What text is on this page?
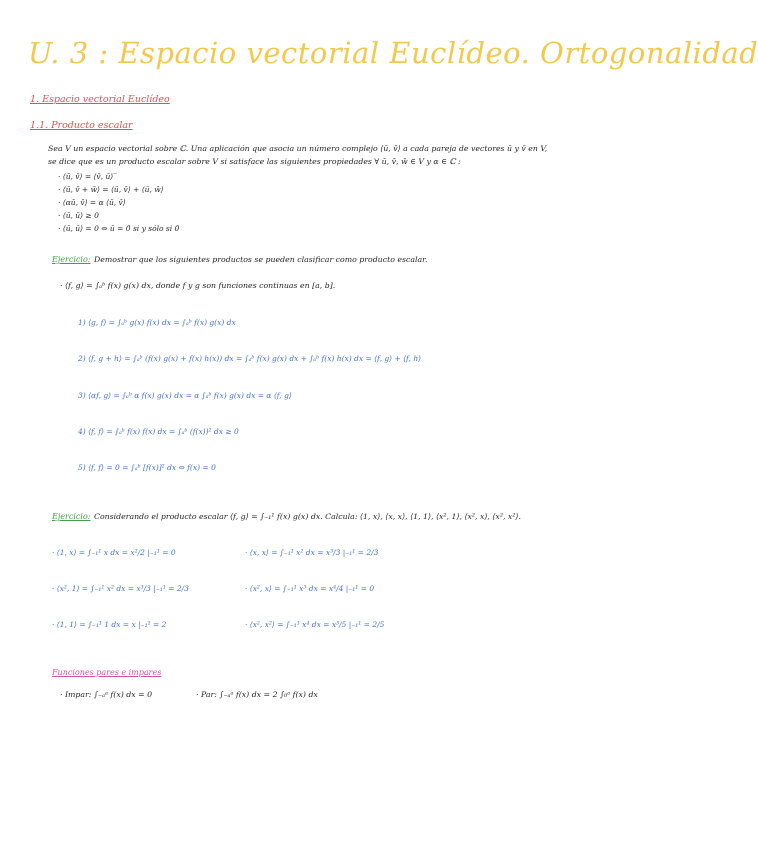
U. 3 : Espacio vectorial Euclídeo. Ortogonalidad
1. Espacio vectorial Euclídeo
1.1. Producto escalar
Sea V un espacio vectorial sobre ℂ. Una aplicación que asocia un número complejo ⟨ū, v̄⟩ a cada pareja de vectores ū y v̄ en V,
se dice que es un producto escalar sobre V si satisface las siguientes propiedades ∀ ū, v̄, w̄ ∈ V y α ∈ ℂ :
· ⟨ū, v̄⟩ = ⟨v̄, ū⟩‾
· ⟨ū, v̄ + w̄⟩ = ⟨ū, v̄⟩ + ⟨ū, w̄⟩
· ⟨αū, v̄⟩ = α ⟨ū, v̄⟩
· ⟨ū, ū⟩ ≥ 0
· ⟨ū, ū⟩ = 0 ⇔ ū = 0̄ si y sólo si 0̄
Ejercicio: Demostrar que los siguientes productos se pueden clasificar como producto escalar.
· ⟨f, g⟩ = ∫ₐᵇ f(x) g(x) dx, donde f y g son funciones continuas en [a, b].
1) ⟨g, f⟩ = ∫ₐᵇ g(x) f(x) dx = ∫ₐᵇ f(x) g(x) dx
2) ⟨f, g + h⟩ = ∫ₐᵇ (f(x) g(x) + f(x) h(x)) dx = ∫ₐᵇ f(x) g(x) dx + ∫ₐᵇ f(x) h(x) dx = ⟨f, g⟩ + ⟨f, h⟩
3) ⟨αf, g⟩ = ∫ₐᵇ α f(x) g(x) dx = α ∫ₐᵇ f(x) g(x) dx = α ⟨f, g⟩
4) ⟨f, f⟩ = ∫ₐᵇ f(x) f(x) dx = ∫ₐᵇ (f(x))² dx ≥ 0
5) ⟨f, f⟩ = 0 = ∫ₐᵇ [f(x)]² dx ⇔ f(x) = 0
Ejercicio: Considerando el producto escalar ⟨f, g⟩ = ∫₋₁¹ f(x) g(x) dx. Calcula: ⟨1, x⟩, ⟨x, x⟩, ⟨1, 1⟩, ⟨x², 1⟩, ⟨x², x⟩, ⟨x², x²⟩.
· ⟨1, x⟩ = ∫₋₁¹ x dx = x²/2 |₋₁¹ = 0
· ⟨x², 1⟩ = ∫₋₁¹ x² dx = x³/3 |₋₁¹ = 2/3
· ⟨1, 1⟩ = ∫₋₁¹ 1 dx = x |₋₁¹ = 2
· ⟨x, x⟩ = ∫₋₁¹ x² dx = x³/3 |₋₁¹ = 2/3
· ⟨x², x⟩ = ∫₋₁¹ x³ dx = x⁴/4 |₋₁¹ = 0
· ⟨x², x²⟩ = ∫₋₁¹ x⁴ dx = x⁵/5 |₋₁¹ = 2/5
Funciones pares e impares
· Impar: ∫₋ₐᵃ f(x) dx = 0	· Par: ∫₋ₐᵃ f(x) dx = 2 ∫₀ᵃ f(x) dx
